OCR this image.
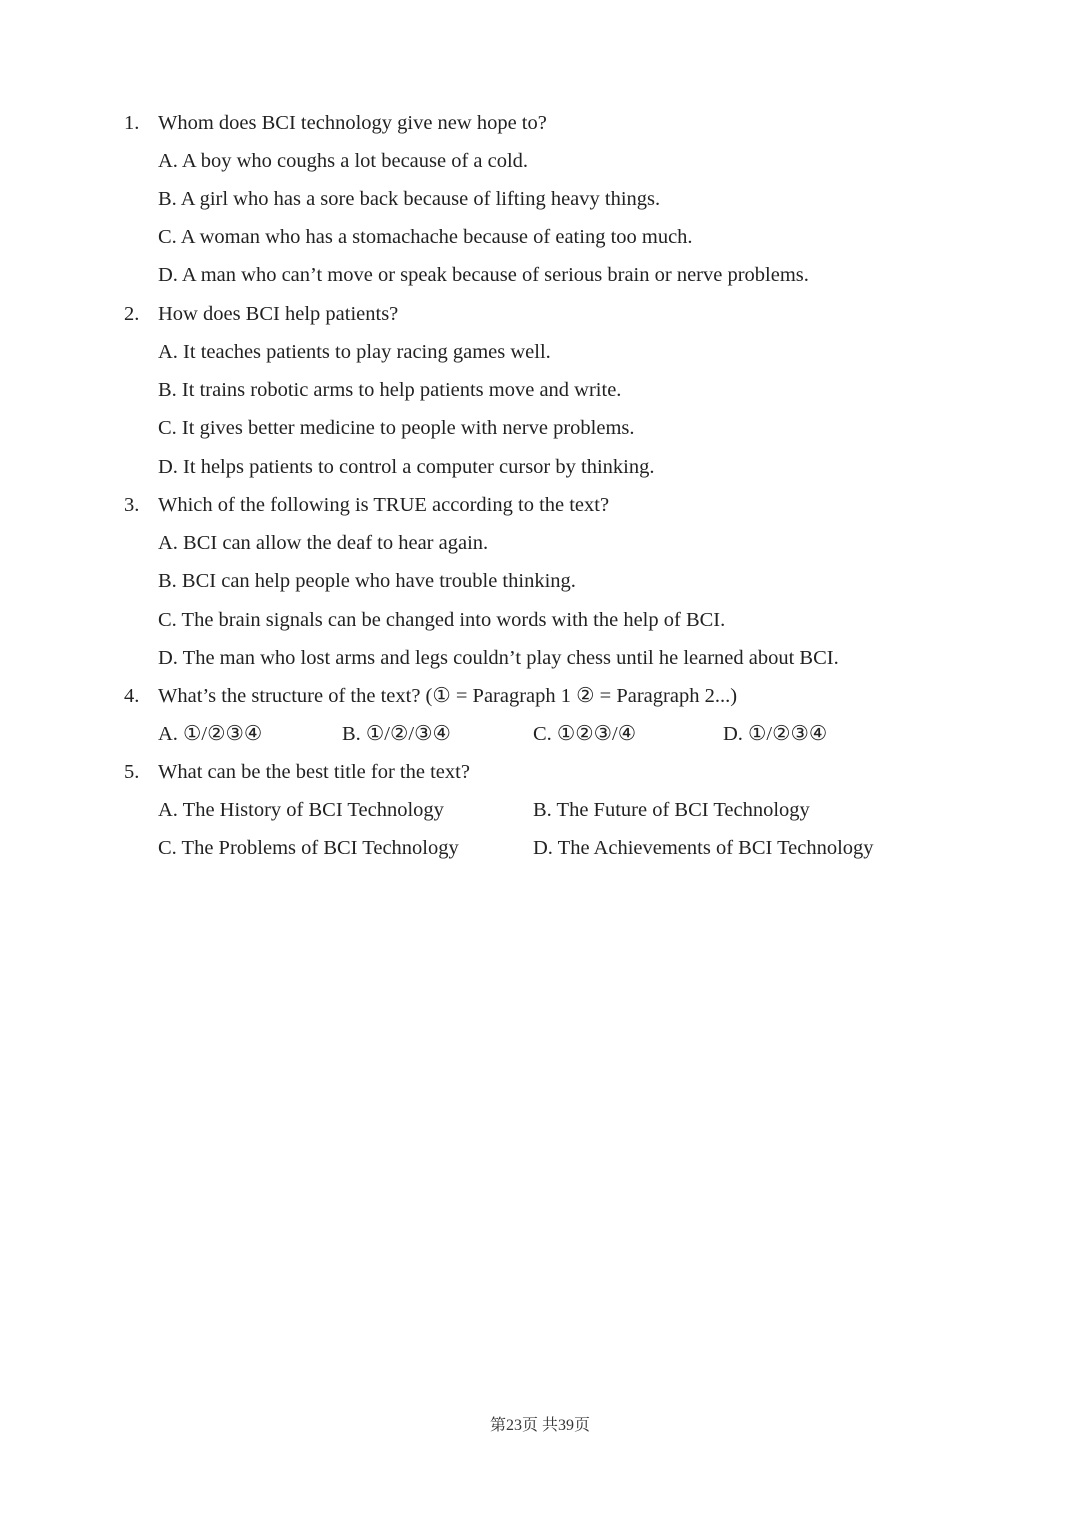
1. Whom does BCI technology give new hope to?
A. A boy who coughs a lot because of a cold.
B. A girl who has a sore back because of lifting heavy things.
C. A woman who has a stomachache because of eating too much.
D. A man who can’t move or speak because of serious brain or nerve problems.
2. How does BCI help patients?
A. It teaches patients to play racing games well.
B. It trains robotic arms to help patients move and write.
C. It gives better medicine to people with nerve problems.
D. It helps patients to control a computer cursor by thinking.
3. Which of the following is TRUE according to the text?
A. BCI can allow the deaf to hear again.
B. BCI can help people who have trouble thinking.
C. The brain signals can be changed into words with the help of BCI.
D. The man who lost arms and legs couldn’t play chess until he learned about BCI.
4. What’s the structure of the text? (① = Paragraph 1 ② = Paragraph 2...)
A. ①/②③④	B. ①/②/③④	C. ①②③/④	D. ①/②③④
5. What can be the best title for the text?
A. The History of BCI Technology	B. The Future of BCI Technology
C. The Problems of BCI Technology	D. The Achievements of BCI Technology
第23页 共39页
